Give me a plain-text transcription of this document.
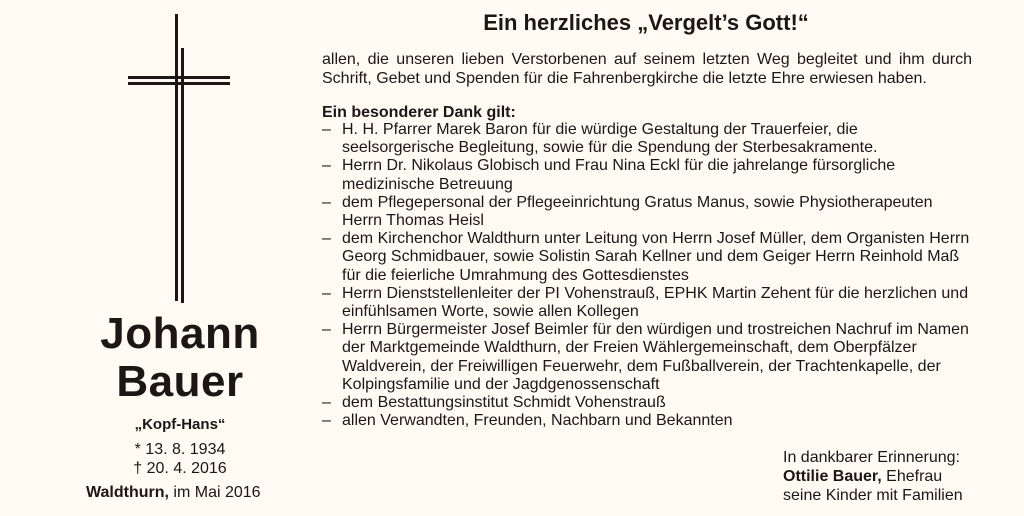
Johann
Bauer
„Kopf-Hans“
* 13. 8. 1934
† 20. 4. 2016
Waldthurn, im Mai 2016
Ein herzliches „Vergelt’s Gott!“
allen, die unseren lieben Verstorbenen auf seinem letzten Weg begleitet und ihm durch Schrift, Gebet und Spenden für die Fahrenbergkirche die letzte Ehre erwiesen haben.
Ein besonderer Dank gilt:
– H. H. Pfarrer Marek Baron für die würdige Gestaltung der Trauerfeier, die seelsorgerische Begleitung, sowie für die Spendung der Sterbesakramente.
– Herrn Dr. Nikolaus Globisch und Frau Nina Eckl für die jahrelange fürsorgliche medizinische Betreuung
– dem Pflegepersonal der Pflegeeinrichtung Gratus Manus, sowie Physiotherapeuten Herrn Thomas Heisl
– dem Kirchenchor Waldthurn unter Leitung von Herrn Josef Müller, dem Organisten Herrn Georg Schmidbauer, sowie Solistin Sarah Kellner und dem Geiger Herrn Reinhold Maß für die feierliche Umrahmung des Gottesdienstes
– Herrn Dienststellenleiter der PI Vohenstrauß, EPHK Martin Zehent für die herzlichen und einfühlsamen Worte, sowie allen Kollegen
– Herrn Bürgermeister Josef Beimler für den würdigen und trostreichen Nachruf im Namen der Marktgemeinde Waldthurn, der Freien Wählergemeinschaft, dem Oberpfälzer Waldverein, der Freiwilligen Feuerwehr, dem Fußballverein, der Trachtenkapelle, der Kolpingsfamilie und der Jagdgenossenschaft
– dem Bestattungsinstitut Schmidt Vohenstrauß
– allen Verwandten, Freunden, Nachbarn und Bekannten
In dankbarer Erinnerung:
Ottilie Bauer, Ehefrau
seine Kinder mit Familien
